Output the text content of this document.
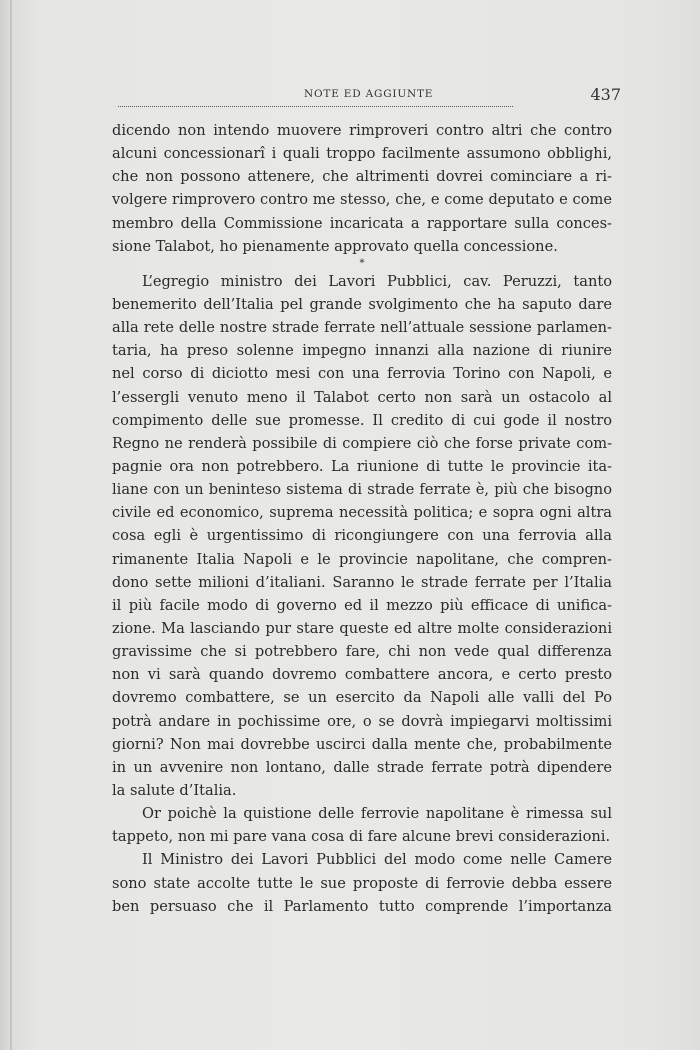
NOTE ED AGGIUNTE	437
dicendo non intendo muovere rimproveri contro altri che contro
alcuni concessionarî i quali troppo facilmente assumono obblighi,
che non possono attenere, che altrimenti dovrei cominciare a ri-
volgere rimprovero contro me stesso, che, e come deputato e come
membro della Commissione incaricata a rapportare sulla conces-
sione Talabot, ho pienamente approvato quella concessione.
*
L’egregio ministro dei Lavori Pubblici, cav. Peruzzi, tanto
benemerito dell’Italia pel grande svolgimento che ha saputo dare
alla rete delle nostre strade ferrate nell’attuale sessione parlamen-
taria, ha preso solenne impegno innanzi alla nazione di riunire
nel corso di diciotto mesi con una ferrovia Torino con Napoli, e
l’essergli venuto meno il Talabot certo non sarà un ostacolo al
compimento delle sue promesse. Il credito di cui gode il nostro
Regno ne renderà possibile di compiere ciò che forse private com-
pagnie ora non potrebbero. La riunione di tutte le provincie ita-
liane con un beninteso sistema di strade ferrate è, più che bisogno
civile ed economico, suprema necessità politica; e sopra ogni altra
cosa egli è urgentissimo di ricongiungere con una ferrovia alla
rimanente Italia Napoli e le provincie napolitane, che compren-
dono sette milioni d’italiani. Saranno le strade ferrate per l’Italia
il più facile modo di governo ed il mezzo più efficace di unifica-
zione. Ma lasciando pur stare queste ed altre molte considerazioni
gravissime che si potrebbero fare, chi non vede qual differenza
non vi sarà quando dovremo combattere ancora, e certo presto
dovremo combattere, se un esercito da Napoli alle valli del Po
potrà andare in pochissime ore, o se dovrà impiegarvi moltissimi
giorni? Non mai dovrebbe uscirci dalla mente che, probabilmente
in un avvenire non lontano, dalle strade ferrate potrà dipendere
la salute d’Italia.
Or poichè la quistione delle ferrovie napolitane è rimessa sul
tappeto, non mi pare vana cosa di fare alcune brevi considerazioni.
Il Ministro dei Lavori Pubblici del modo come nelle Camere
sono state accolte tutte le sue proposte di ferrovie debba essere
ben persuaso che il Parlamento tutto comprende l’importanza
